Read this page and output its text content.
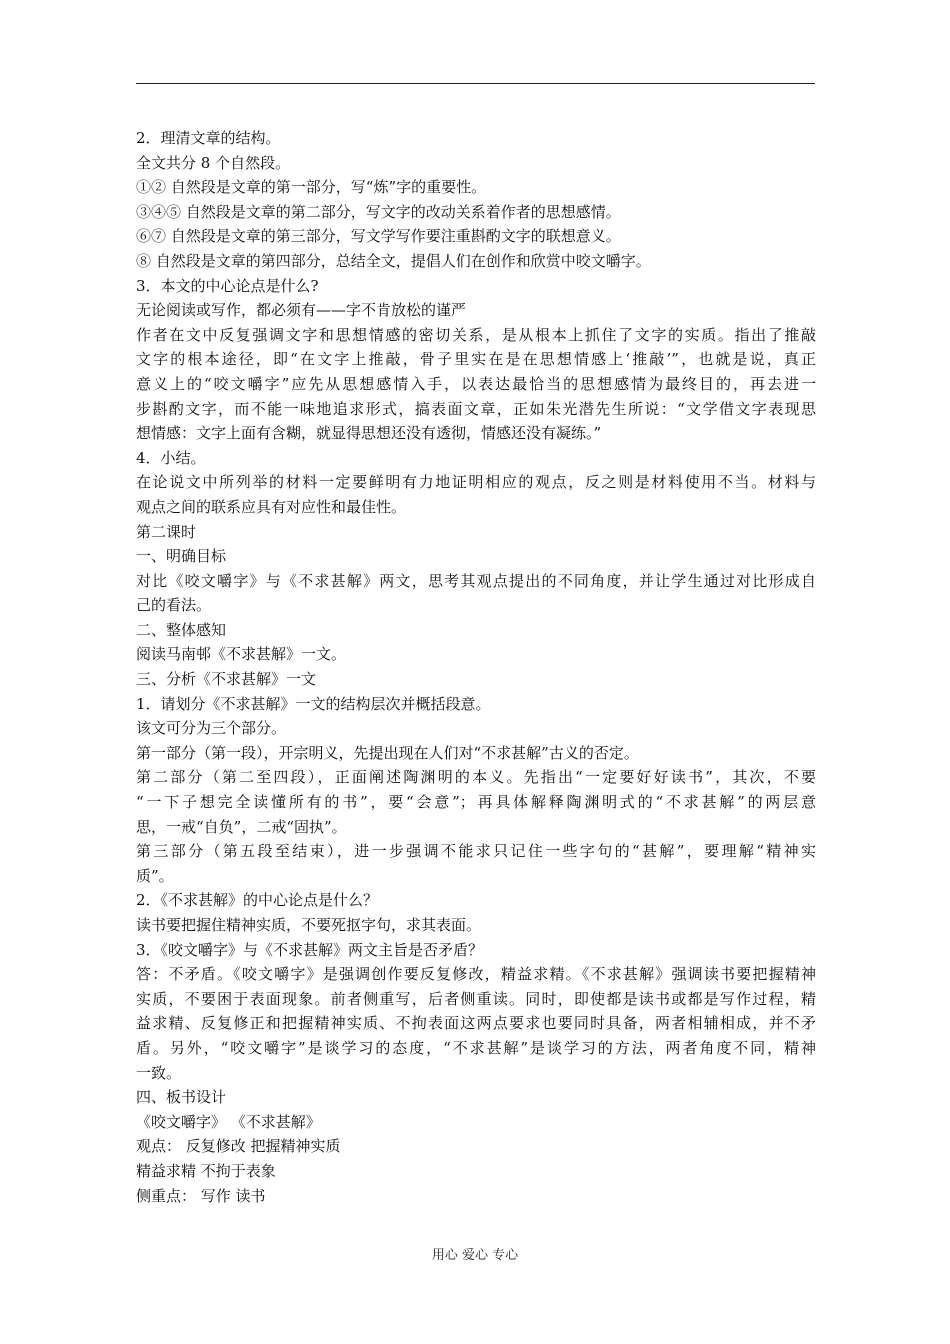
2．理清文章的结构。
全文共分 8 个自然段。
①② 自然段是文章的第一部分，写“炼”字的重要性。
③④⑤ 自然段是文章的第二部分，写文字的改动关系着作者的思想感情。
⑥⑦ 自然段是文章的第三部分，写文学写作要注重斟酌文字的联想意义。
⑧ 自然段是文章的第四部分，总结全文，提倡人们在创作和欣赏中咬文嚼字。
3．本文的中心论点是什么?
无论阅读或写作，都必须有——字不肯放松的谨严
作者在文中反复强调文字和思想情感的密切关系，是从根本上抓住了文字的实质。指出了推敲
文字的根本途径，即“在文字上推敲，骨子里实在是在思想情感上‘推敲’”，也就是说，真正
意义上的“咬文嚼字”应先从思想感情入手，以表达最恰当的思想感情为最终目的，再去进一
步斟酌文字，而不能一味地追求形式，搞表面文章，正如朱光潜先生所说：“文学借文字表现思
想情感：文字上面有含糊，就显得思想还没有透彻，情感还没有凝练。”
4．小结。
在论说文中所列举的材料一定要鲜明有力地证明相应的观点，反之则是材料使用不当。材料与
观点之间的联系应具有对应性和最佳性。
第二课时
一、明确目标
对比《咬文嚼字》与《不求甚解》两文，思考其观点提出的不同角度，并让学生通过对比形成自
己的看法。
二、整体感知
阅读马南邨《不求甚解》一文。
三、分析《不求甚解》一文
1．请划分《不求甚解》一文的结构层次并概括段意。
该文可分为三个部分。
第一部分（第一段），开宗明义，先提出现在人们对“不求甚解”古义的否定。
第二部分（第二至四段），正面阐述陶渊明的本义。先指出“一定要好好读书”，其次，不要
“一下子想完全读懂所有的书”，要“会意”；再具体解释陶渊明式的“不求甚解”的两层意
思，一戒“自负”，二戒“固执”。
第三部分（第五段至结束），进一步强调不能求只记住一些字句的“甚解”，要理解“精神实
质”。
2．《不求甚解》的中心论点是什么？
读书要把握住精神实质，不要死抠字句，求其表面。
3．《咬文嚼字》与《不求甚解》两文主旨是否矛盾？
答：不矛盾。《咬文嚼字》是强调创作要反复修改，精益求精。《不求甚解》强调读书要把握精神
实质，不要困于表面现象。前者侧重写，后者侧重读。同时，即使都是读书或都是写作过程，精
益求精、反复修正和把握精神实质、不拘表面这两点要求也要同时具备，两者相辅相成，并不矛
盾。另外，“咬文嚼字”是谈学习的态度，“不求甚解”是谈学习的方法，两者角度不同，精神
一致。
四、板书设计
《咬文嚼字》 《不求甚解》
观点： 反复修改 把握精神实质
精益求精 不拘于表象
侧重点： 写作 读书
用心 爱心 专心
